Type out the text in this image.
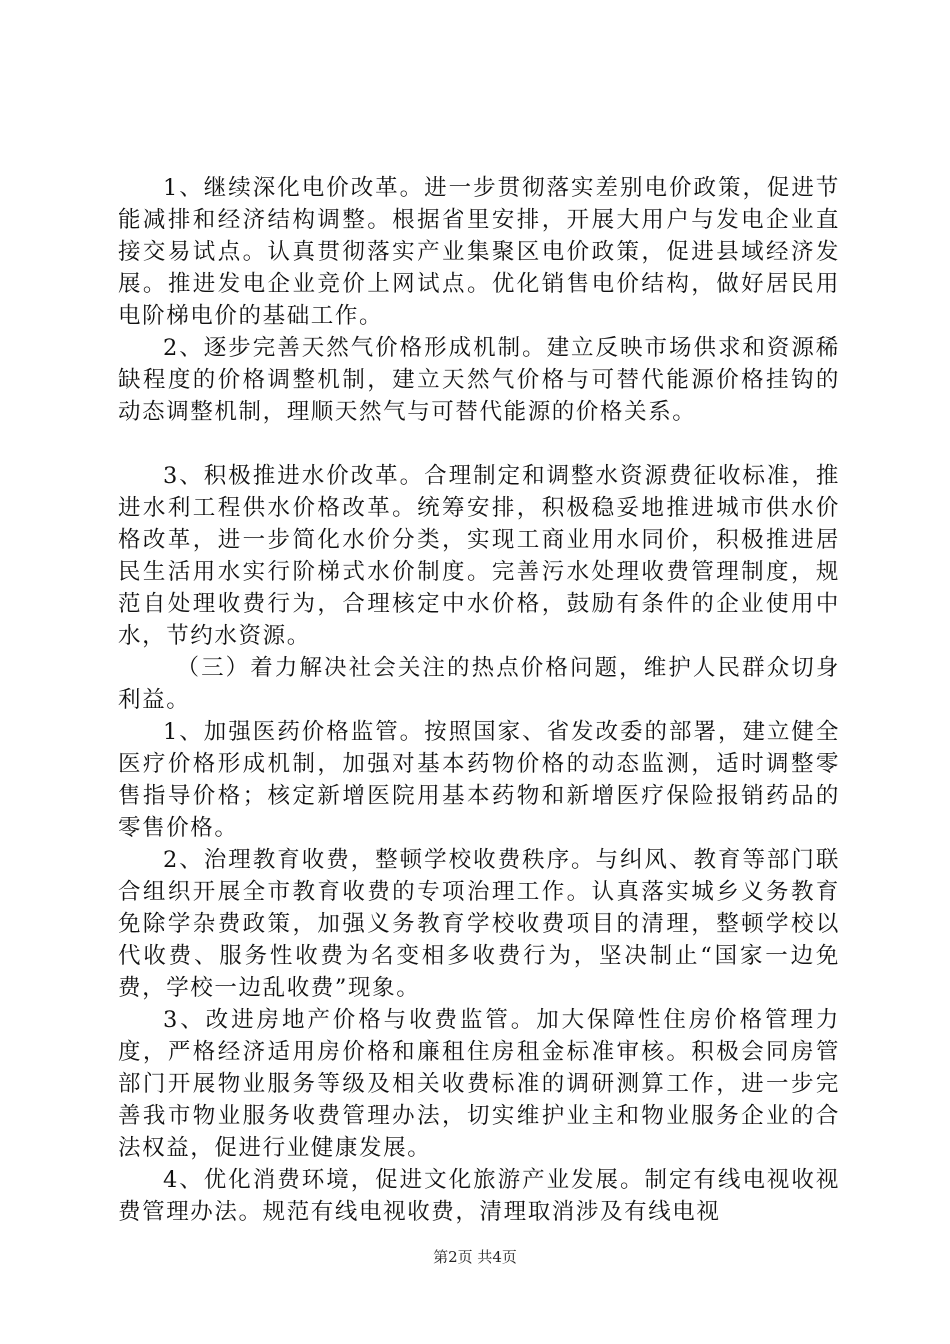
1、继续深化电价改革。进一步贯彻落实差别电价政策，促进节能减排和经济结构调整。根据省里安排，开展大用户与发电企业直接交易试点。认真贯彻落实产业集聚区电价政策，促进县域经济发展。推进发电企业竞价上网试点。优化销售电价结构，做好居民用电阶梯电价的基础工作。

2、逐步完善天然气价格形成机制。建立反映市场供求和资源稀缺程度的价格调整机制，建立天然气价格与可替代能源价格挂钩的动态调整机制，理顺天然气与可替代能源的价格关系。

3、积极推进水价改革。合理制定和调整水资源费征收标准，推进水利工程供水价格改革。统筹安排，积极稳妥地推进城市供水价格改革，进一步简化水价分类，实现工商业用水同价，积极推进居民生活用水实行阶梯式水价制度。完善污水处理收费管理制度，规范自处理收费行为，合理核定中水价格，鼓励有条件的企业使用中水，节约水资源。

（三）着力解决社会关注的热点价格问题，维护人民群众切身利益。

1、加强医药价格监管。按照国家、省发改委的部署，建立健全医疗价格形成机制，加强对基本药物价格的动态监测，适时调整零售指导价格；核定新增医院用基本药物和新增医疗保险报销药品的零售价格。

2、治理教育收费，整顿学校收费秩序。与纠风、教育等部门联合组织开展全市教育收费的专项治理工作。认真落实城乡义务教育免除学杂费政策，加强义务教育学校收费项目的清理，整顿学校以代收费、服务性收费为名变相多收费行为，坚决制止“国家一边免费，学校一边乱收费”现象。

3、改进房地产价格与收费监管。加大保障性住房价格管理力度，严格经济适用房价格和廉租住房租金标准审核。积极会同房管部门开展物业服务等级及相关收费标准的调研测算工作，进一步完善我市物业服务收费管理办法，切实维护业主和物业服务企业的合法权益，促进行业健康发展。

4、优化消费环境，促进文化旅游产业发展。制定有线电视收视费管理办法。规范有线电视收费，清理取消涉及有线电视

第2页 共4页
